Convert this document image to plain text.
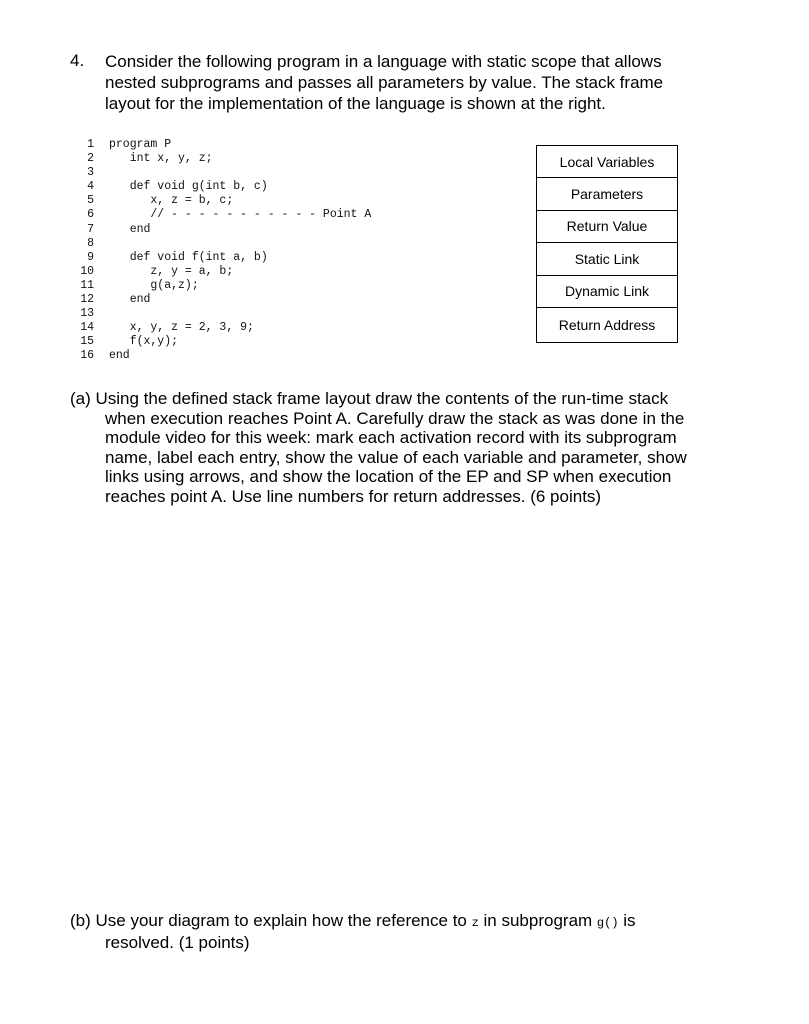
4. Consider the following program in a language with static scope that allows
nested subprograms and passes all parameters by value. The stack frame
layout for the implementation of the language is shown at the right.
1 program P
2   int x, y, z;
3
4   def void g(int b, c)
5      x, z = b, c;
6      // - - - - - - - - - - - Point A
7   end
8
9   def void f(int a, b)
10      z, y = a, b;
11      g(a,z);
12   end
13
14   x, y, z = 2, 3, 9;
15   f(x,y);
16 end
Local Variables
Parameters
Return Value
Static Link
Dynamic Link
Return Address
(a) Using the defined stack frame layout draw the contents of the run-time stack
when execution reaches Point A. Carefully draw the stack as was done in the
module video for this week: mark each activation record with its subprogram
name, label each entry, show the value of each variable and parameter, show
links using arrows, and show the location of the EP and SP when execution
reaches point A. Use line numbers for return addresses. (6 points)
(b) Use your diagram to explain how the reference to z in subprogram g() is
resolved. (1 points)
